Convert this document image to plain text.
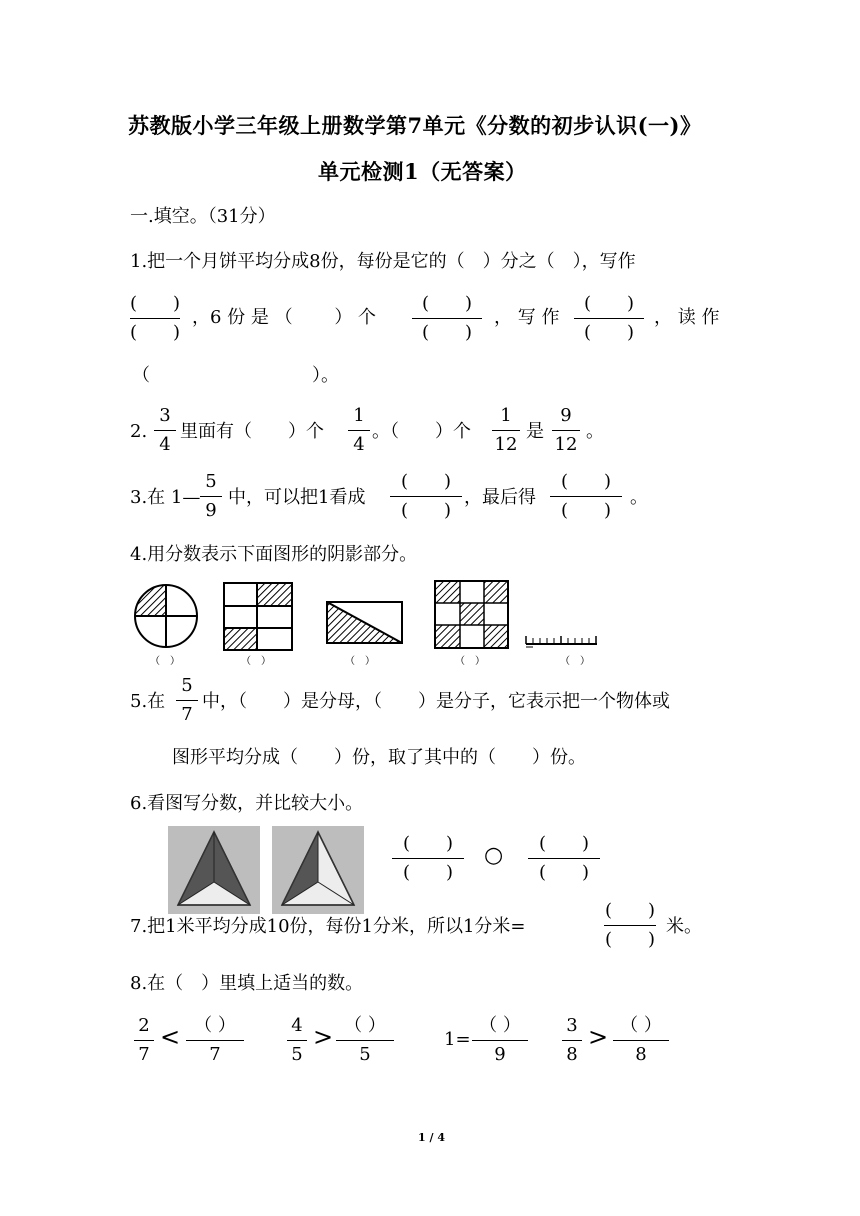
苏教版小学三年级上册数学第7单元《分数的初步认识(一)》
单元检测1（无答案）
一.填空。（31分）
1.把一个月饼平均分成8份，每份是它的（　）分之（　），写作
(　　)
(　　)
，6 份 是 （　　 ） 个
(　　)
(　　)
， 写 作
(　　)
(　　)
， 读 作
（　　　　　　　　　）。
2.
3
4
里面有（　　）个
1
4
。（　　）个
1
12
是
9
12
。
3.在 1—
5
9
中，可以把1看成
(　　)
(　　)
，最后得
(　　)
(　　)
。
4.用分数表示下面图形的阴影部分。
（　）	（　）	（　）	（　）	（　）
5.在
5
7
中，（　　）是分母，（　　）是分子，它表示把一个物体或
图形平均分成（　　）份，取了其中的（　　）份。
6.看图写分数，并比较大小。
(　　)
(　　)
○	(　　)
(　　)
7.把1米平均分成10份，每份1分米，所以1分米=
(　　)
(　　)
米。
8.在（　）里填上适当的数。
2
7
< （ ）
7
4
5
> （ ）
5
1=
（ ）
9
3
8
> （ ）
8
1 / 4
